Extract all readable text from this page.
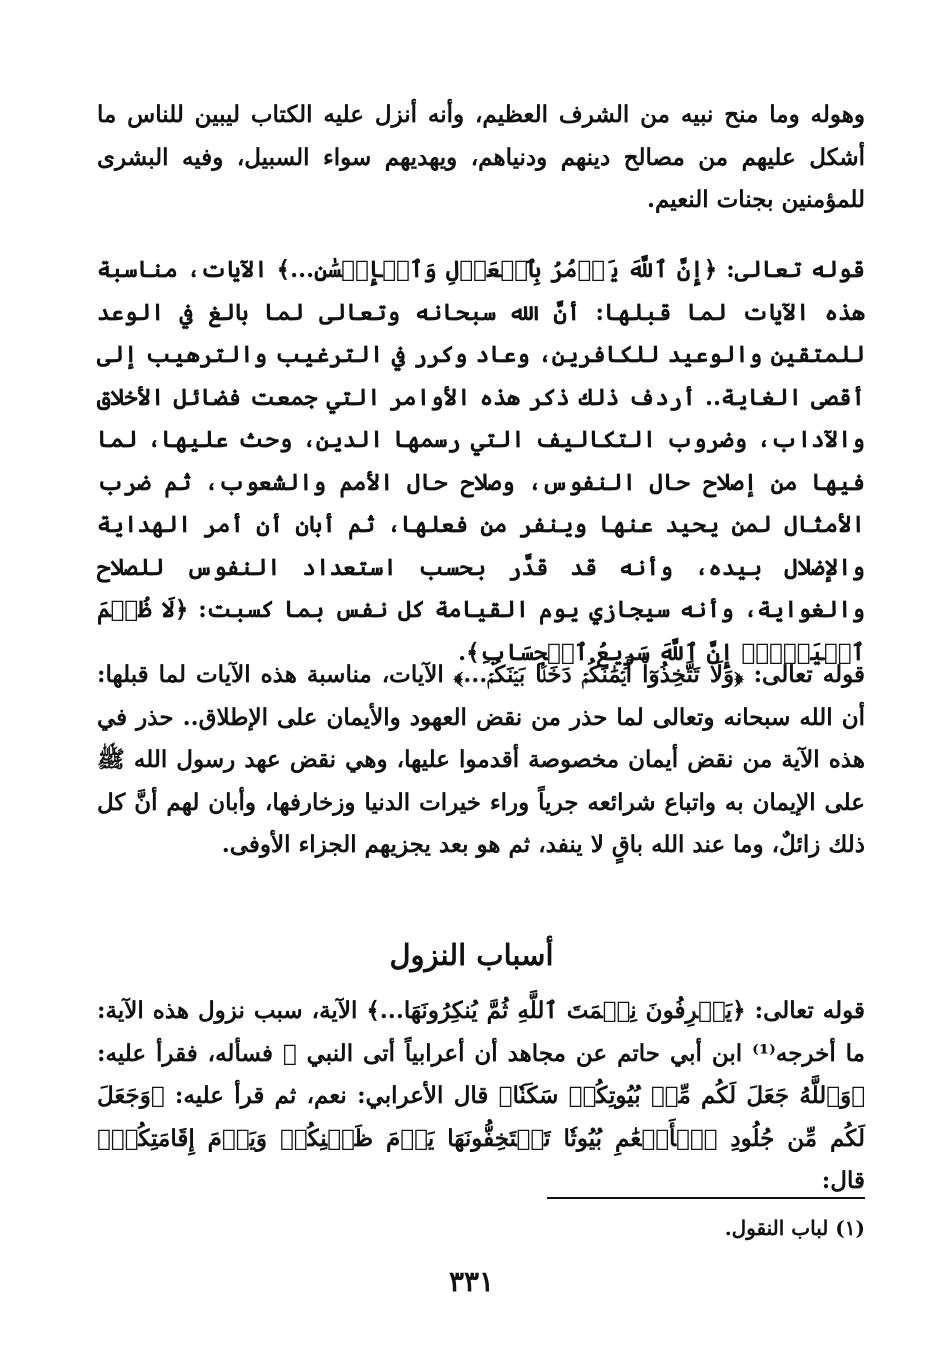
وهوله وما منح نبيه من الشرف العظيم، وأنه أنزل عليه الكتاب ليبين للناس ما أشكل عليهم من مصالح دينهم ودنياهم، ويهديهم سواء السبيل، وفيه البشرى للمؤمنين بجنات النعيم.

قوله تعالى: ﴿إِنَّ ٱللَّهَ يَأۡمُرُ بِٱلۡعَدۡلِ وَٱلۡإِحۡسَٰنِ...﴾ الآيات، مناسبة هذه الآيات لما قبلها: أنَّ الله سبحانه وتعالى لما بالغ في الوعد للمتقين والوعيد للكافرين، وعاد وكرر في الترغيب والترهيب إلى أقصى الغاية.. أردف ذلك ذكر هذه الأوامر التي جمعت فضائل الأخلاق والآداب، وضروب التكاليف التي رسمها الدين، وحث عليها، لما فيها من إصلاح حال النفوس، وصلاح حال الأمم والشعوب، ثم ضرب الأمثال لمن يحيد عنها وينفر من فعلها، ثم أبان أن أمر الهداية والإضلال بيده، وأنه قد قدَّر بحسب استعداد النفوس للصلاح والغواية، وأنه سيجازي يوم القيامة كل نفس بما كسبت: ﴿لَا ظُلۡمَ ٱلۡيَوۡمَۚ إِنَّ ٱللَّهَ سَرِيعُ ٱلۡحِسَابِ﴾.

قوله تعالى: ﴿وَلَا تَتَّخِذُوٓاْ أَيۡمَٰنَكُمۡ دَخَلَۢا بَيۡنَكُمۡ...﴾ الآيات، مناسبة هذه الآيات لما قبلها: أن الله سبحانه وتعالى لما حذر من نقض العهود والأيمان على الإطلاق.. حذر في هذه الآية من نقض أيمان مخصوصة أقدموا عليها، وهي نقض عهد رسول الله ﷺ على الإيمان به واتباع شرائعه جرياً وراء خيرات الدنيا وزخارفها، وأبان لهم أنَّ كل ذلك زائلٌ، وما عند الله باقٍ لا ينفد، ثم هو بعد يجزيهم الجزاء الأوفى.

أسباب النزول

قوله تعالى: ﴿يَعۡرِفُونَ نِعۡمَتَ ٱللَّهِ ثُمَّ يُنكِرُونَهَا...﴾ الآية، سبب نزول هذه الآية: ما أخرجه⁽¹⁾ ابن أبي حاتم عن مجاهد أن أعرابياً أتى النبي ﷺ فسأله، فقرأ عليه: ﴿وَٱللَّهُ جَعَلَ لَكُم مِّنۢ بُيُوتِكُمۡ سَكَنٗا﴾ قال الأعرابي: نعم، ثم قرأ عليه: ﴿وَجَعَلَ لَكُم مِّن جُلُودِ ٱلۡأَنۡعَٰمِ بُيُوتٗا تَسۡتَخِفُّونَهَا يَوۡمَ ظَعۡنِكُمۡ وَيَوۡمَ إِقَامَتِكُمۡ﴾ قال:

(١) لباب النقول.
٣٣١
